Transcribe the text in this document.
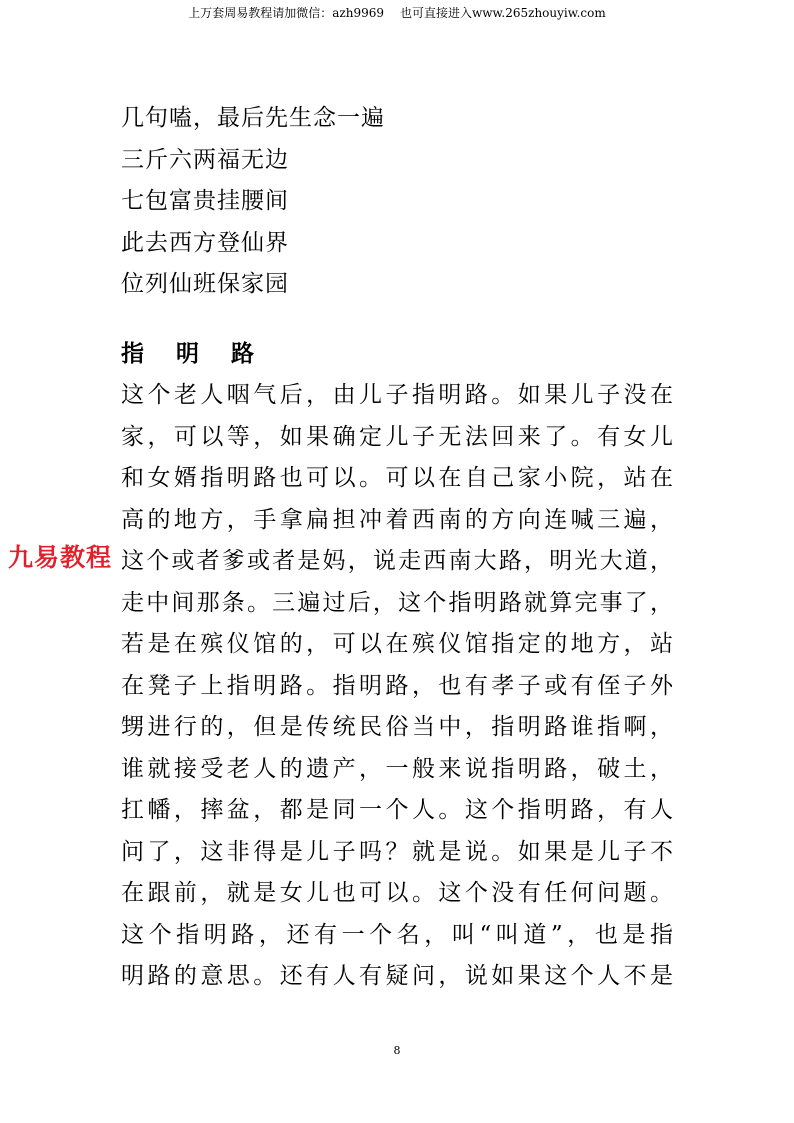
上万套周易教程请加微信：azh9969 也可直接进入www.265zhouyiw.com
几句嗑，最后先生念一遍
三斤六两福无边
七包富贵挂腰间
此去西方登仙界
位列仙班保家园
指 明 路
这个老人咽气后，由儿子指明路。如果儿子没在
家，可以等，如果确定儿子无法回来了。有女儿
和女婿指明路也可以。可以在自己家小院，站在
高的地方，手拿扁担冲着西南的方向连喊三遍，
这个或者爹或者是妈，说走西南大路，明光大道，
走中间那条。三遍过后，这个指明路就算完事了，
若是在殡仪馆的，可以在殡仪馆指定的地方，站
在凳子上指明路。指明路，也有孝子或有侄子外
甥进行的，但是传统民俗当中，指明路谁指啊，
谁就接受老人的遗产，一般来说指明路，破土，
扛幡，摔盆，都是同一个人。这个指明路，有人
问了，这非得是儿子吗？就是说。如果是儿子不
在跟前，就是女儿也可以。这个没有任何问题。
这个指明路，还有一个名，叫“叫道”，也是指
明路的意思。还有人有疑问，说如果这个人不是
九易教程
8
